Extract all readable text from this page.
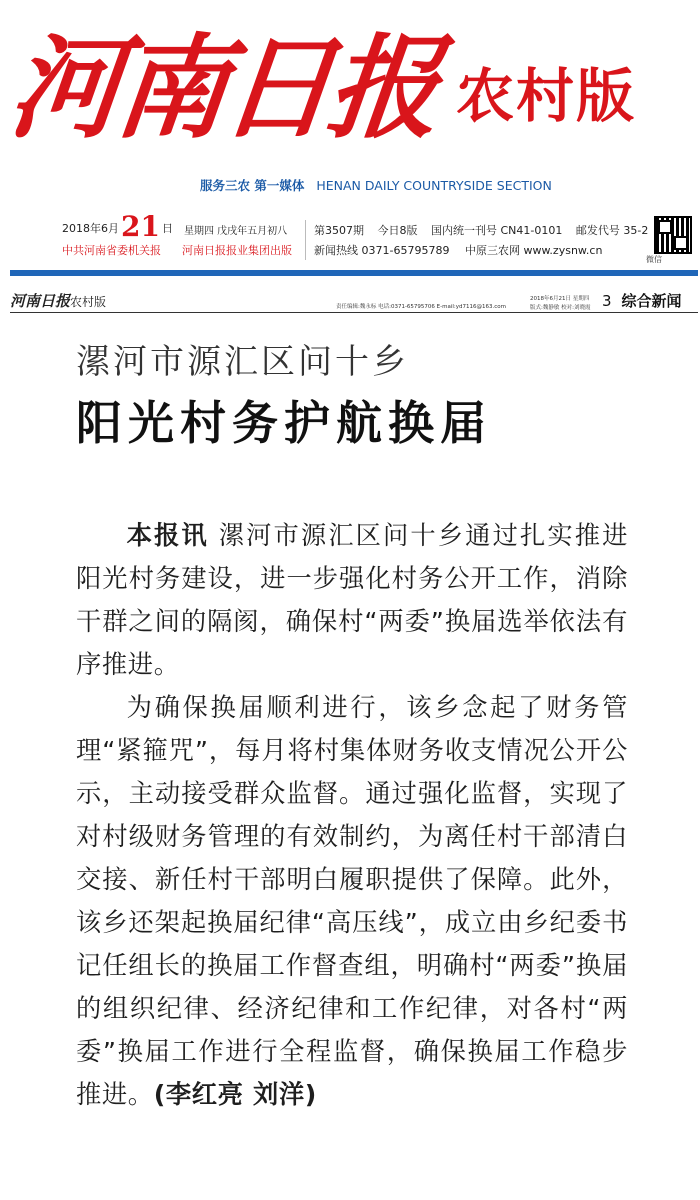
河南日报 农村版
服务三农 第一媒体 HENAN DAILY COUNTRYSIDE SECTION
2018年6月21 日 星期四 戊戌年五月初八
中共河南省委机关报 河南日报报业集团出版
第3507期 今日8版 国内统一刊号 CN41-0101 邮发代号 35-2
新闻热线 0371-65795789 中原三农网 www.zysnw.cn
微信
河南日报农村版	责任编辑:魏永标 电话:0371-65795706 E-mail:yd7116@163.com
2018年6月21日 星期四
版式:魏静敏 校对:刘晓霞 3 综合新闻
漯河市源汇区问十乡
阳光村务护航换届

本报讯 漯河市源汇区问十乡通过扎实推进阳光村务建设，进一步强化村务公开工作，消除干群之间的隔阂，确保村“两委”换届选举依法有序推进。

为确保换届顺利进行，该乡念起了财务管理“紧箍咒”，每月将村集体财务收支情况公开公示，主动接受群众监督。通过强化监督，实现了对村级财务管理的有效制约，为离任村干部清白交接、新任村干部明白履职提供了保障。此外，该乡还架起换届纪律“高压线”，成立由乡纪委书记任组长的换届工作督查组，明确村“两委”换届的组织纪律、经济纪律和工作纪律，对各村“两委”换届工作进行全程监督，确保换届工作稳步推进。(李红亮 刘洋)
